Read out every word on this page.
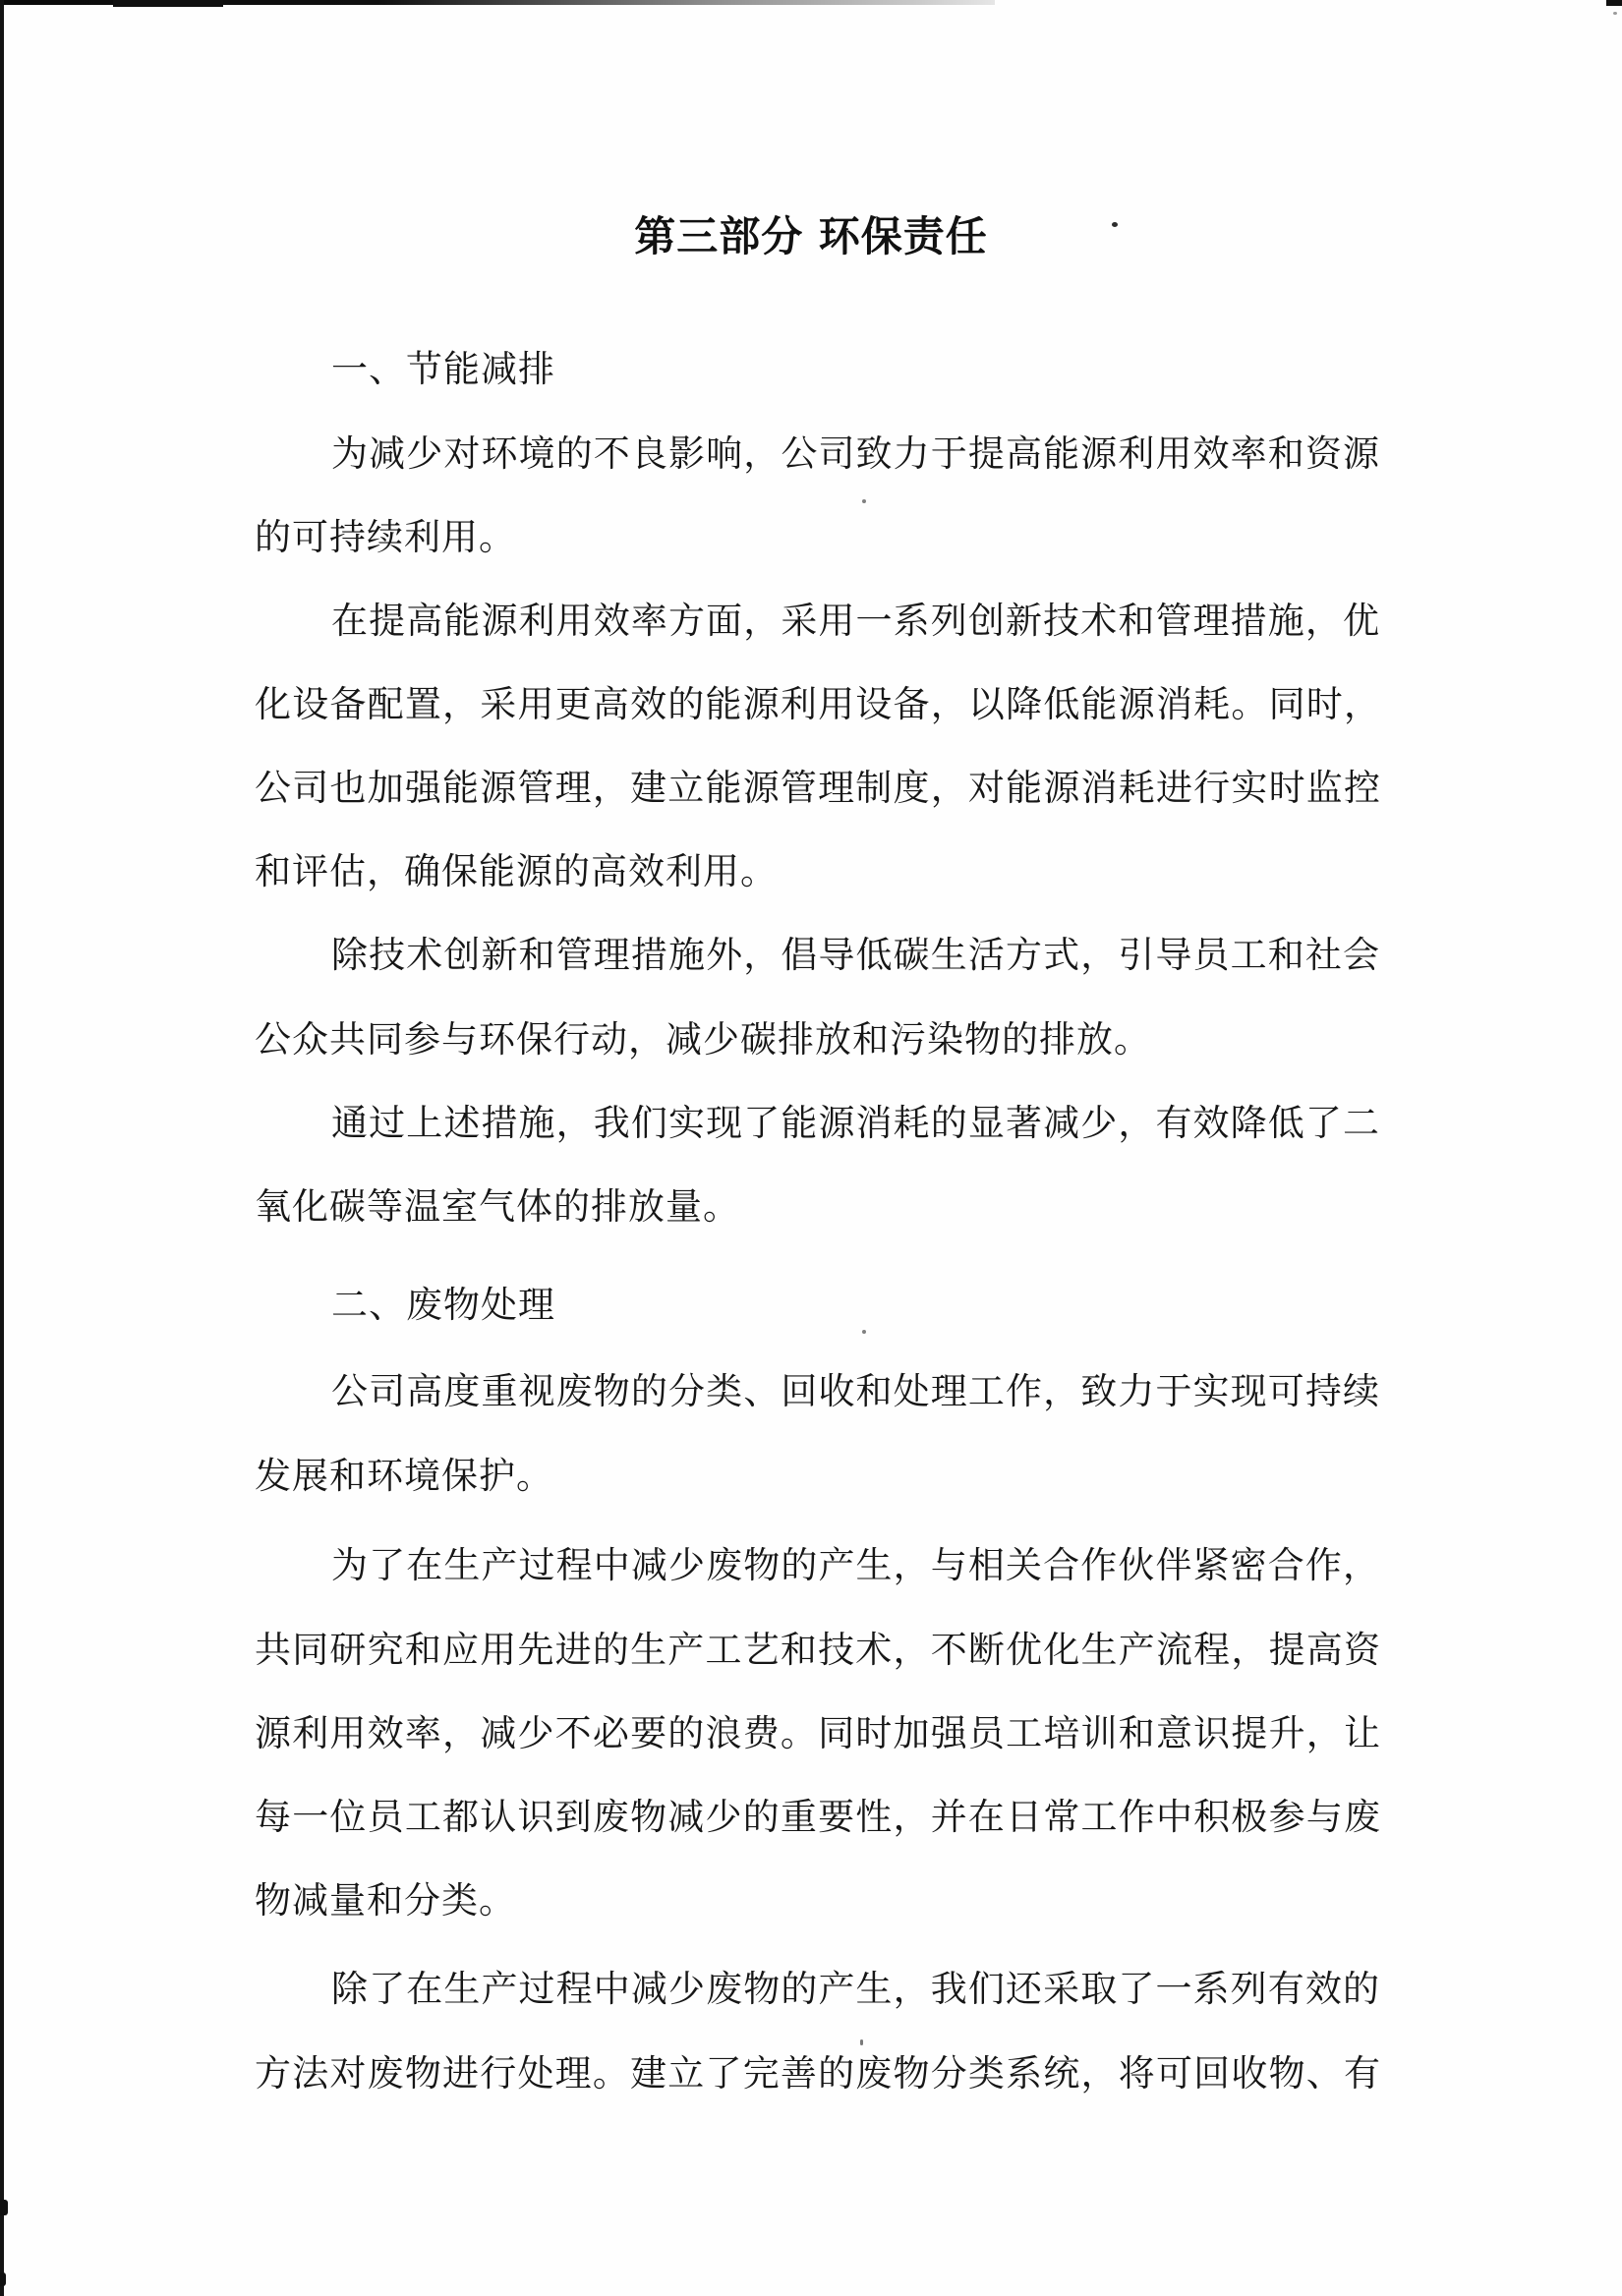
第三部分 环保责任
一、节能减排
为减少对环境的不良影响，公司致力于提高能源利用效率和资源
的可持续利用。
在提高能源利用效率方面，采用一系列创新技术和管理措施，优
化设备配置，采用更高效的能源利用设备，以降低能源消耗。同时，
公司也加强能源管理，建立能源管理制度，对能源消耗进行实时监控
和评估，确保能源的高效利用。
除技术创新和管理措施外，倡导低碳生活方式，引导员工和社会
公众共同参与环保行动，减少碳排放和污染物的排放。
通过上述措施，我们实现了能源消耗的显著减少，有效降低了二
氧化碳等温室气体的排放量。
二、废物处理
公司高度重视废物的分类、回收和处理工作，致力于实现可持续
发展和环境保护。
为了在生产过程中减少废物的产生，与相关合作伙伴紧密合作，
共同研究和应用先进的生产工艺和技术，不断优化生产流程，提高资
源利用效率，减少不必要的浪费。同时加强员工培训和意识提升，让
每一位员工都认识到废物减少的重要性，并在日常工作中积极参与废
物减量和分类。
除了在生产过程中减少废物的产生，我们还采取了一系列有效的
方法对废物进行处理。建立了完善的废物分类系统，将可回收物、有
